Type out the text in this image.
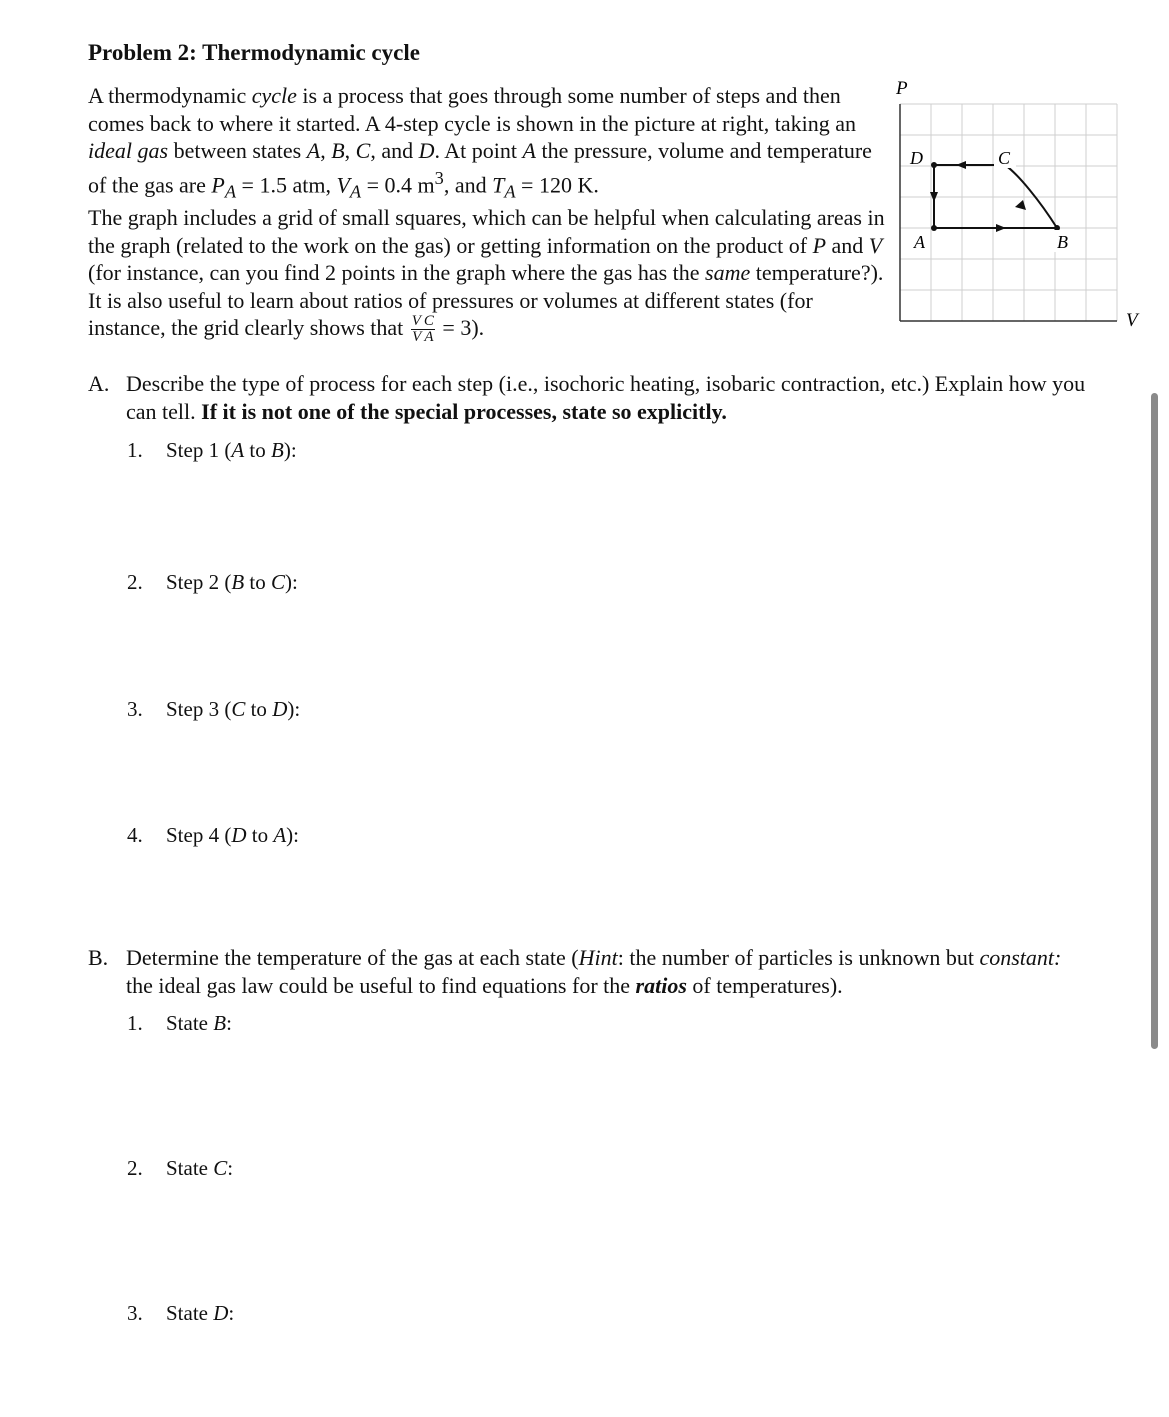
Problem 2: Thermodynamic cycle
A thermodynamic cycle is a process that goes through some number of steps and then comes back to where it started. A 4-step cycle is shown in the picture at right, taking an ideal gas between states A, B, C, and D. At point A the pressure, volume and temperature of the gas are $P_A = 1.5$ atm, $V_A = 0.4$ $m^3$, and $T_A = 120$ K.
The graph includes a grid of small squares, which can be helpful when calculating areas in the graph (related to the work on the gas) or getting information on the product of P and V (for instance, can you find 2 points in the graph where the gas has the same temperature?). It is also useful to learn about ratios of pressures or volumes at different states (for instance, the grid clearly shows that $\frac{\text{V C}}{\text{V A}} = 3$).
P
V
A	B
C
D
A. Describe the type of process for each step (i.e., isochoric heating, isobaric contraction, etc.) Explain how you can tell. If it is not one of the special processes, state so explicitly.
1. Step 1 (A to B):
2. Step 2 (B to C):
3. Step 3 (C to D):
4. Step 4 (D to A):
B. Determine the temperature of the gas at each state (Hint: the number of particles is unknown but constant: the ideal gas law could be useful to find equations for the ratios of temperatures).
1. State B:
2. State C:
3. State D:
